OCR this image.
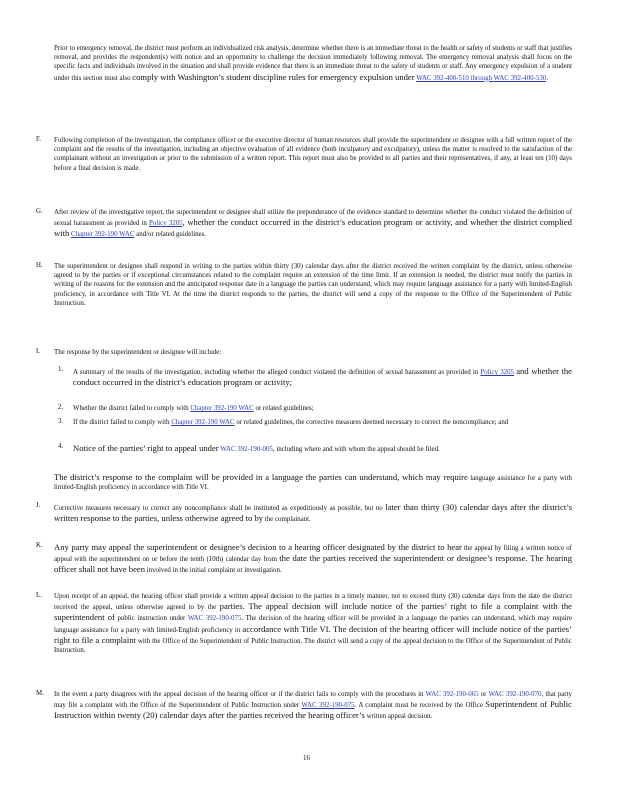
Prior to emergency removal, the district must perform an individualized risk analysis, determine whether there is an immediate threat to the health or safety of students or staff that justifies removal, and provides the respondent(s) with notice and an opportunity to challenge the decision immediately following removal. The emergency removal analysis shall focus on the specific facts and individuals involved in the situation and shall provide evidence that there is an immediate threat to the safety of students or staff. Any emergency expulsion of a student under this section must also comply with Washington’s student discipline rules for emergency expulsion under WAC 392-400-510 through WAC 392-400-530.
F. Following completion of the investigation, the compliance officer or the executive director of human resources shall provide the superintendent or designee with a full written report of the complaint and the results of the investigation, including an objective evaluation of all evidence (both inculpatory and exculpatory), unless the matter is resolved to the satisfaction of the complainant without an investigation or prior to the submission of a written report. This report must also be provided to all parties and their representatives, if any, at least ten (10) days before a final decision is made.
G. After review of the investigative report, the superintendent or designee shall utilize the preponderance of the evidence standard to determine whether the conduct violated the definition of sexual harassment as provided in Policy 3205, whether the conduct occurred in the district’s education program or activity, and whether the district complied with Chapter 392-190 WAC and/or related guidelines.
H. The superintendent or designee shall respond in writing to the parties within thirty (30) calendar days after the district received the written complaint by the district, unless otherwise agreed to by the parties or if exceptional circumstances related to the complaint require an extension of the time limit. If an extension is needed, the district must notify the parties in writing of the reasons for the extension and the anticipated response date in a language the parties can understand, which may require language assistance for a party with limited-English proficiency, in accordance with Title VI. At the time the district responds to the parties, the district will send a copy of the response to the Office of the Superintendent of Public Instruction.
I. The response by the superintendent or designee will include:
1. A summary of the results of the investigation, including whether the alleged conduct violated the definition of sexual harassment as provided in Policy 3205 and whether the conduct occurred in the district’s education program or activity;
2. Whether the district failed to comply with Chapter 392-190 WAC or related guidelines;
3. If the district failed to comply with Chapter 392-190 WAC or related guidelines, the corrective measures deemed necessary to correct the noncompliance; and
4. Notice of the parties’ right to appeal under WAC 392-190-005, including where and with whom the appeal should be filed.
The district’s response to the complaint will be provided in a language the parties can understand, which may require language assistance for a party with limited-English proficiency in accordance with Title VI.
J. Corrective measures necessary to correct any noncompliance shall be instituted as expeditiously as possible, but no later than thirty (30) calendar days after the district’s written response to the parties, unless otherwise agreed to by the complainant.
K. Any party may appeal the superintendent or designee’s decision to a hearing officer designated by the district to hear the appeal by filing a written notice of appeal with the superintendent on or before the tenth (10th) calendar day from the date the parties received the superintendent or designee’s response. The hearing officer shall not have been involved in the initial complaint or investigation.
L. Upon receipt of an appeal, the hearing officer shall provide a written appeal decision to the parties in a timely manner, not to exceed thirty (30) calendar days from the date the district received the appeal, unless otherwise agreed to by the parties. The appeal decision will include notice of the parties’ right to file a complaint with the superintendent of public instruction under WAC 392-190-075. The decision of the hearing officer will be provided in a language the parties can understand, which may require language assistance for a party with limited-English proficiency in accordance with Title VI. The decision of the hearing officer will include notice of the parties’ right to file a complaint with the Office of the Superintendent of Public Instruction. The district will send a copy of the appeal decision to the Office of the Superintendent of Public Instruction.
M. In the event a party disagrees with the appeal decision of the hearing officer or if the district fails to comply with the procedures in WAC 392-190-065 or WAC 392-190-070, that party may file a complaint with the Office of the Superintendent of Public Instruction under WAC 392-190-075. A complaint must be received by the Office Superintendent of Public Instruction within twenty (20) calendar days after the parties received the hearing officer’s written appeal decision.
16
